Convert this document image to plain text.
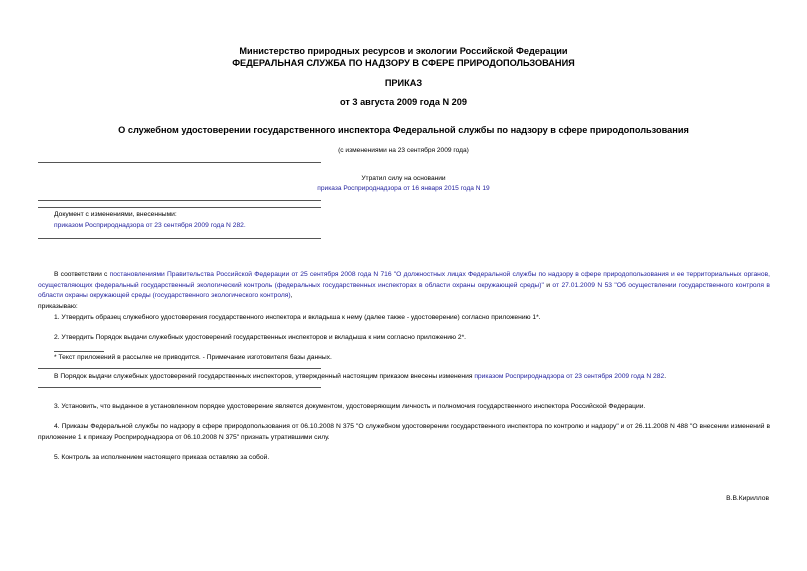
Министерство природных ресурсов и экологии Российской Федерации
ФЕДЕРАЛЬНАЯ СЛУЖБА ПО НАДЗОРУ В СФЕРЕ ПРИРОДОПОЛЬЗОВАНИЯ
ПРИКАЗ
от 3 августа 2009 года N 209
О служебном удостоверении государственного инспектора Федеральной службы по надзору в сфере природопользования
(с изменениями на 23 сентября 2009 года)
Утратил силу на основании
приказа Росприроднадзора от 16 января 2015 года N 19
Документ с изменениями, внесенными:
приказом Росприроднадзора от 23 сентября 2009 года N 282.
В соответствии с постановлениями Правительства Российской Федерации от 25 сентября 2008 года N 716 "О должностных лицах Федеральной службы по надзору в сфере природопользования и ее территориальных органов, осуществляющих федеральный государственный экологический контроль (федеральных государственных инспекторах в области охраны окружающей среды)" и от 27.01.2009 N 53 "Об осуществлении государственного контроля в области охраны окружающей среды (государственного экологического контроля),
приказываю:
1. Утвердить образец служебного удостоверения государственного инспектора и вкладыша к нему (далее также - удостоверение) согласно приложению 1*.
2. Утвердить Порядок выдачи служебных удостоверений государственных инспекторов и вкладыша к ним согласно приложению 2*.
* Текст приложений в рассылке не приводится. - Примечание изготовителя базы данных.
В Порядок выдачи служебных удостоверений государственных инспекторов, утвержденный настоящим приказом внесены изменения приказом Росприроднадзора от 23 сентября 2009 года N 282.
3. Установить, что выданное в установленном порядке удостоверение является документом, удостоверяющим личность и полномочия государственного инспектора Российской Федерации.
4. Приказы Федеральной службы по надзору в сфере природопользования от 06.10.2008 N 375 "О служебном удостоверении государственного инспектора по контролю и надзору" и от 26.11.2008 N 488 "О внесении изменений в приложение 1 к приказу Росприроднадзора от 06.10.2008 N 375" признать утратившими силу.
5. Контроль за исполнением настоящего приказа оставляю за собой.
В.В.Кириллов
